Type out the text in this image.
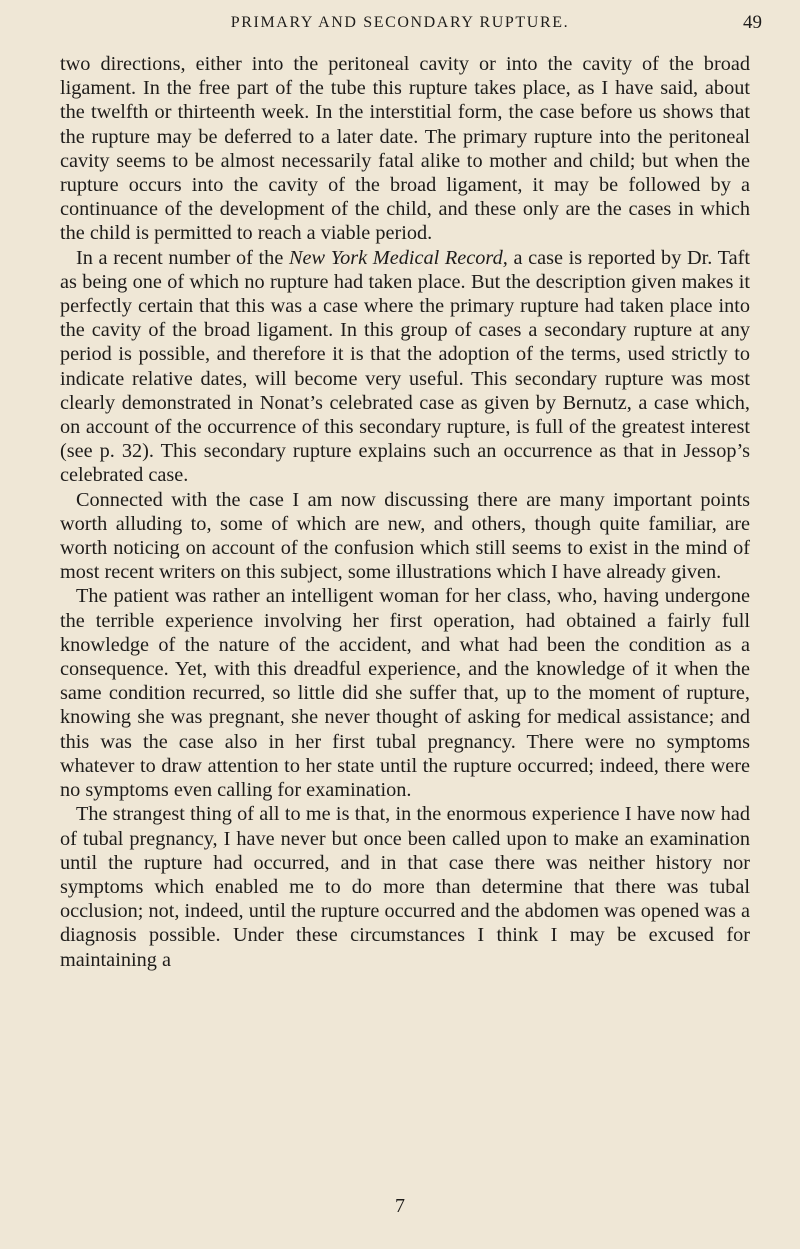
PRIMARY AND SECONDARY RUPTURE.	49

two directions, either into the peritoneal cavity or into the cavity of the broad ligament. In the free part of the tube this rupture takes place, as I have said, about the twelfth or thirteenth week. In the interstitial form, the case before us shows that the rupture may be deferred to a later date. The primary rupture into the peritoneal cavity seems to be almost necessarily fatal alike to mother and child; but when the rupture occurs into the cavity of the broad ligament, it may be followed by a continuance of the development of the child, and these only are the cases in which the child is permitted to reach a viable period.

In a recent number of the New York Medical Record, a case is reported by Dr. Taft as being one of which no rupture had taken place. But the description given makes it perfectly certain that this was a case where the primary rupture had taken place into the cavity of the broad ligament. In this group of cases a secondary rupture at any period is possible, and therefore it is that the adoption of the terms, used strictly to indicate relative dates, will become very useful. This secondary rupture was most clearly demonstrated in Nonat’s celebrated case as given by Bernutz, a case which, on account of the occurrence of this secondary rupture, is full of the greatest interest (see p. 32). This secondary rupture explains such an occurrence as that in Jessop’s celebrated case.

Connected with the case I am now discussing there are many important points worth alluding to, some of which are new, and others, though quite familiar, are worth noticing on account of the confusion which still seems to exist in the mind of most recent writers on this subject, some illustrations which I have already given.

The patient was rather an intelligent woman for her class, who, having undergone the terrible experience involving her first operation, had obtained a fairly full knowledge of the nature of the accident, and what had been the condition as a consequence. Yet, with this dreadful experience, and the knowledge of it when the same condition recurred, so little did she suffer that, up to the moment of rupture, knowing she was pregnant, she never thought of asking for medical assistance; and this was the case also in her first tubal pregnancy. There were no symptoms whatever to draw attention to her state until the rupture occurred; indeed, there were no symptoms even calling for examination.

The strangest thing of all to me is that, in the enormous experience I have now had of tubal pregnancy, I have never but once been called upon to make an examination until the rupture had occurred, and in that case there was neither history nor symptoms which enabled me to do more than determine that there was tubal occlusion; not, indeed, until the rupture occurred and the abdomen was opened was a diagnosis possible. Under these circumstances I think I may be excused for maintaining a

7
